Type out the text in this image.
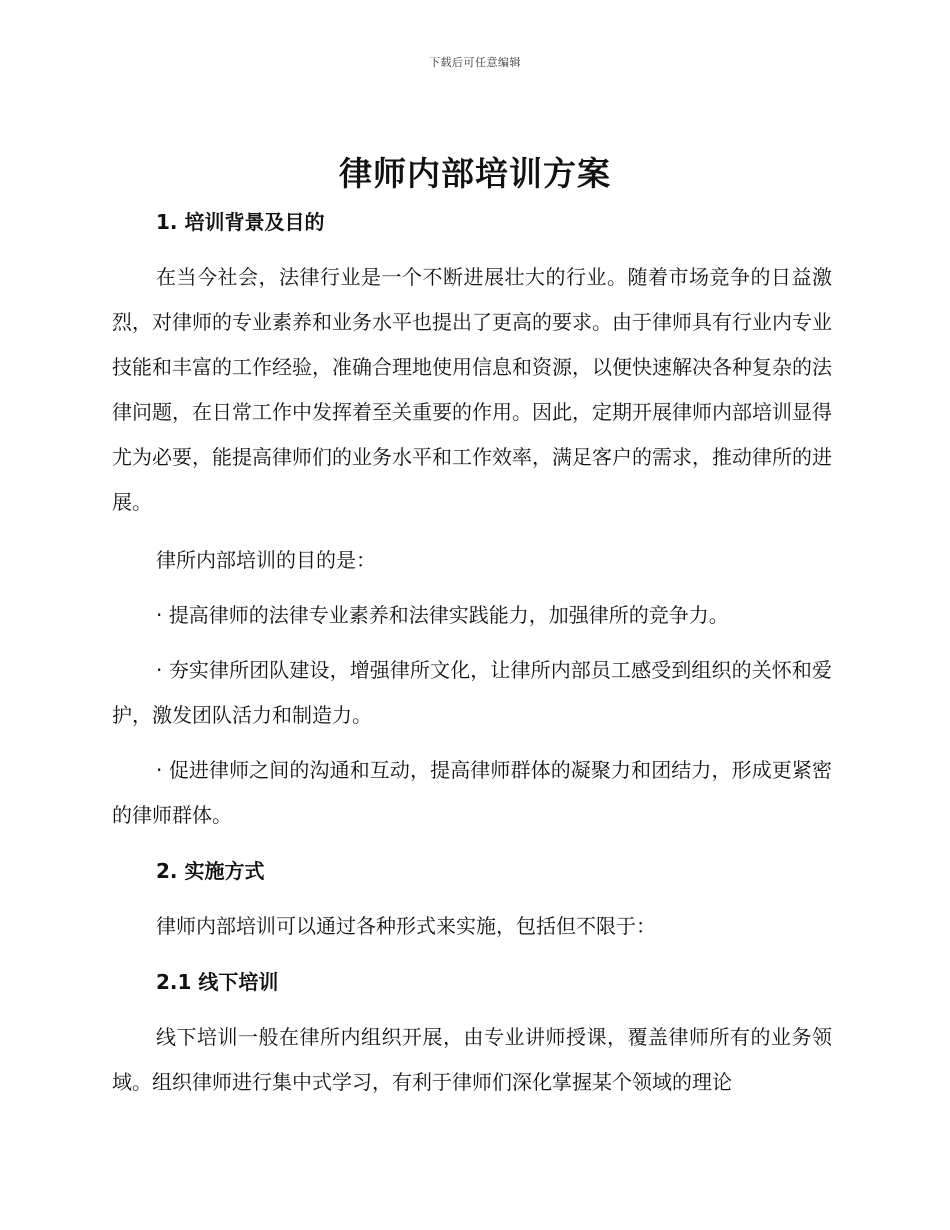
下载后可任意编辑
律师内部培训方案
1. 培训背景及目的

在当今社会，法律行业是一个不断进展壮大的行业。随着市场竞争的日益激烈，对律师的专业素养和业务水平也提出了更高的要求。由于律师具有行业内专业技能和丰富的工作经验，准确合理地使用信息和资源，以便快速解决各种复杂的法律问题，在日常工作中发挥着至关重要的作用。因此，定期开展律师内部培训显得尤为必要，能提高律师们的业务水平和工作效率，满足客户的需求，推动律所的进展。

律所内部培训的目的是：

· 提高律师的法律专业素养和法律实践能力，加强律所的竞争力。

· 夯实律所团队建设，增强律所文化，让律所内部员工感受到组织的关怀和爱护，激发团队活力和制造力。

· 促进律师之间的沟通和互动，提高律师群体的凝聚力和团结力，形成更紧密的律师群体。

2. 实施方式

律师内部培训可以通过各种形式来实施，包括但不限于：

2.1 线下培训

线下培训一般在律所内组织开展，由专业讲师授课，覆盖律师所有的业务领域。组织律师进行集中式学习，有利于律师们深化掌握某个领域的理论
